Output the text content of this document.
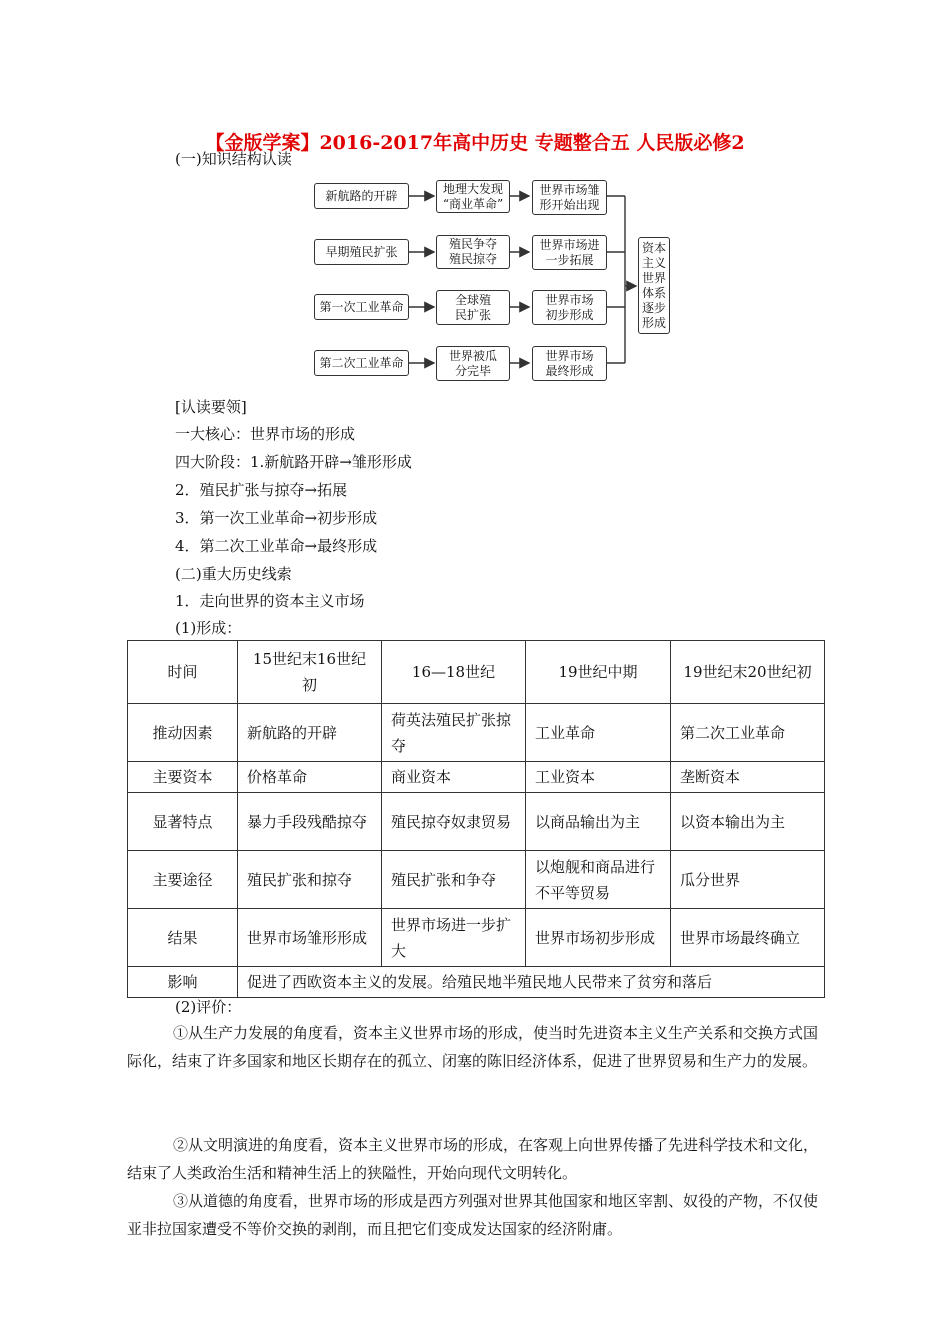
【金版学案】2016-2017年高中历史 专题整合五 人民版必修2
(一)知识结构认读
新航路的开辟	地理大发现
“商业革命”
世界市场雏
形开始出现
早期殖民扩张
殖民争夺
殖民掠夺
世界市场进
一步拓展
第一次工业革命	全球殖
民扩张
世界市场
初步形成
第二次工业革命	世界被瓜
分完毕
世界市场
最终形成
资本
主义
世界
体系
逐步
形成
[认读要领]
一大核心：世界市场的形成
四大阶段：1.新航路开辟→雏形形成
2．殖民扩张与掠夺→拓展
3．第一次工业革命→初步形成
4．第二次工业革命→最终形成
(二)重大历史线索
1．走向世界的资本主义市场
(1)形成：
时间	15世纪末16世纪初	16—18世纪	19世纪中期	19世纪末20世纪初
推动因素	新航路的开辟	荷英法殖民扩张掠夺	工业革命	第二次工业革命
主要资本	价格革命	商业资本	工业资本	垄断资本
显著特点	暴力手段残酷掠夺	殖民掠夺奴隶贸易	以商品输出为主	以资本输出为主
主要途径	殖民扩张和掠夺	殖民扩张和争夺	以炮舰和商品进行不平等贸易	瓜分世界
结果	世界市场雏形形成	世界市场进一步扩大	世界市场初步形成	世界市场最终确立
影响	促进了西欧资本主义的发展。给殖民地半殖民地人民带来了贫穷和落后			
(2)评价：
①从生产力发展的角度看，资本主义世界市场的形成，使当时先进资本主义生产关系和交换方式国际化，结束了许多国家和地区长期存在的孤立、闭塞的陈旧经济体系，促进了世界贸易和生产力的发展。
②从文明演进的角度看，资本主义世界市场的形成，在客观上向世界传播了先进科学技术和文化，结束了人类政治生活和精神生活上的狭隘性，开始向现代文明转化。
③从道德的角度看，世界市场的形成是西方列强对世界其他国家和地区宰割、奴役的产物，不仅使亚非拉国家遭受不等价交换的剥削，而且把它们变成发达国家的经济附庸。
